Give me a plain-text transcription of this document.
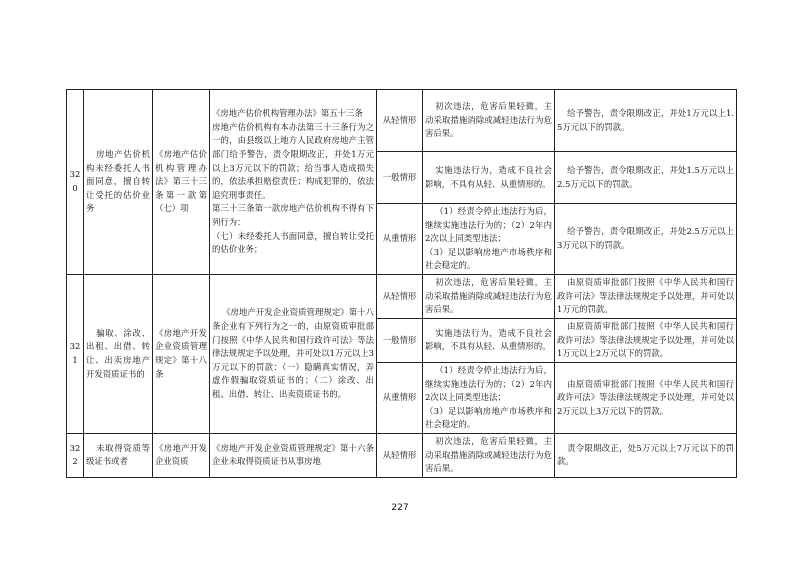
320	房地产估价机构未经委托人书面同意，擅自转让受托的估价业务	《房地产估价机构管理办法》第三十三条第一款第（七）项	《房地产估价机构管理办法》第五十三条
房地产估价机构有本办法第三十三条行为之一的，由县级以上地方人民政府房地产主管部门给予警告，责令限期改正，并处1万元以上3万元以下的罚款；给当事人造成损失的，依法承担赔偿责任；构成犯罪的，依法追究刑事责任。
第三十三条第一款房地产估价机构不得有下列行为：
（七）未经委托人书面同意，擅自转让受托的估价业务；	从轻情形	初次违法，危害后果轻微，主动采取措施消除或减轻违法行为危害后果。	给予警告，责令限期改正，并处1万元以上1.5万元以下的罚款。
				一般情形	实施违法行为，造成不良社会影响，不具有从轻、从重情形的。	给予警告，责令限期改正，并处1.5万元以上2.5万元以下的罚款。
				从重情形	（1）经责令停止违法行为后，继续实施违法行为的；（2）2年内2次以上同类型违法；
（3）足以影响房地产市场秩序和社会稳定的。	给予警告，责令限期改正，并处2.5万元以上3万元以下的罚款。
321	骗取、涂改、出租、出借、转让、出卖房地产开发资质证书的	《房地产开发企业资质管理规定》第十八条	《房地产开发企业资质管理规定》第十八条企业有下列行为之一的，由原资质审批部门按照《中华人民共和国行政许可法》等法律法规规定予以处理，并可处以1万元以上3万元以下的罚款：（一）隐瞒真实情况，弄虚作假骗取资质证书的；（二）涂改、出租、出借、转让、出卖资质证书的。	从轻情形	初次违法，危害后果轻微，主动采取措施消除或减轻违法行为危害后果。	由原资质审批部门按照《中华人民共和国行政许可法》等法律法规规定予以处理，并可处以1万元的罚款。
				一般情形	实施违法行为，造成不良社会影响，不具有从轻、从重情形的。	由原资质审批部门按照《中华人民共和国行政许可法》等法律法规规定予以处理，并可处以1万元以上2万元以下的罚款。
				从重情形	（1）经责令停止违法行为后，继续实施违法行为的；（2）2年内2次以上同类型违法；
（3）足以影响房地产市场秩序和社会稳定的。	由原资质审批部门按照《中华人民共和国行政许可法》等法律法规规定予以处理，并可处以2万元以上3万元以下的罚款。
322	未取得资质等级证书或者	《房地产开发企业资质	《房地产开发企业资质管理规定》第十六条企业未取得资质证书从事房地	从轻情形	初次违法，危害后果轻微，主动采取措施消除或减轻违法行为危害后果。	责令限期改正，处5万元以上7万元以下的罚款。
227
